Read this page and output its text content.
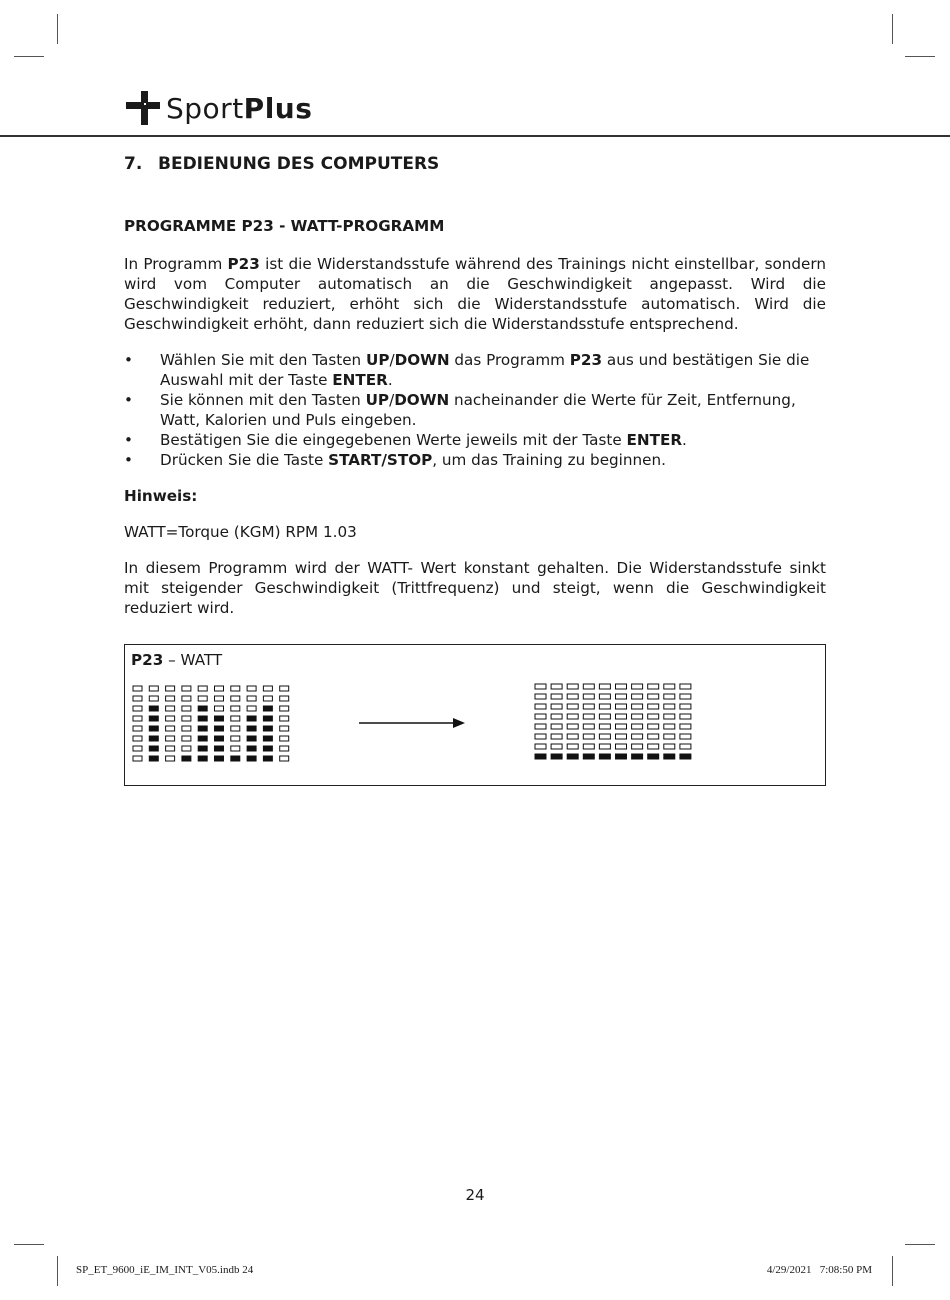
SportPlus
7. BEDIENUNG DES COMPUTERS
PROGRAMME P23 - WATT-PROGRAMM

In Programm P23 ist die Widerstandsstufe während des Trainings nicht einstellbar, sondern wird vom Computer automatisch an die Geschwindigkeit angepasst. Wird die Geschwindigkeit reduziert, erhöht sich die Widerstandsstufe automatisch. Wird die Geschwindigkeit erhöht, dann reduziert sich die Widerstandsstufe entsprechend.

• Wählen Sie mit den Tasten UP/DOWN das Programm P23 aus und bestätigen Sie die Auswahl mit der Taste ENTER.
• Sie können mit den Tasten UP/DOWN nacheinander die Werte für Zeit, Entfernung, Watt, Kalorien und Puls eingeben.
• Bestätigen Sie die eingegebenen Werte jeweils mit der Taste ENTER.
• Drücken Sie die Taste START/STOP, um das Training zu beginnen.

Hinweis:

WATT=Torque (KGM) RPM 1.03

In diesem Programm wird der WATT- Wert konstant gehalten. Die Widerstandsstufe sinkt mit steigender Geschwindigkeit (Trittfrequenz) und steigt, wenn die Geschwindigkeit reduziert wird.

P23 – WATT
24
SP_ET_9600_iE_IM_INT_V05.indb 24	4/29/2021   7:08:50 PM
